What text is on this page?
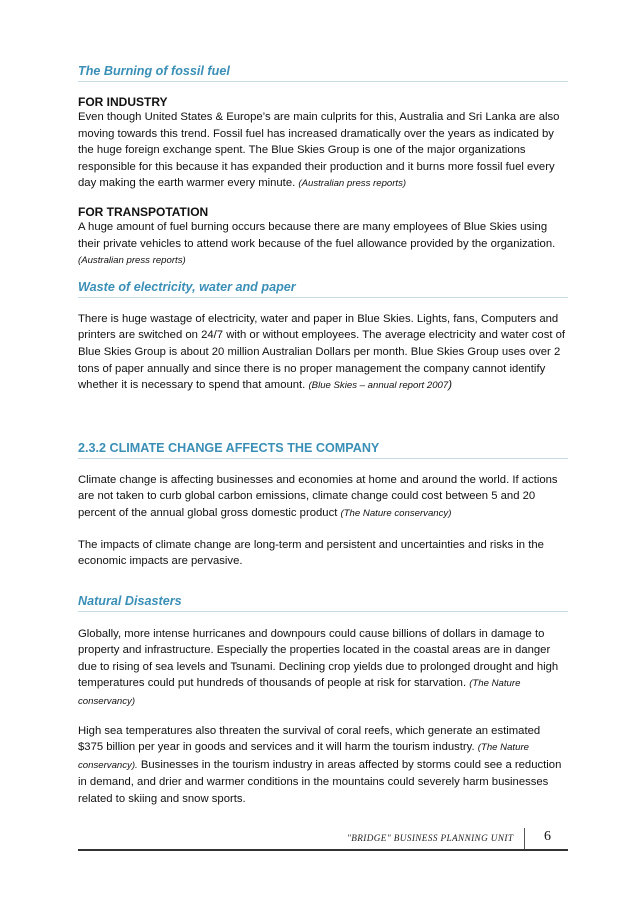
The Burning of fossil fuel
FOR INDUSTRY

Even though United States & Europe’s are main culprits for this, Australia and Sri Lanka are also moving towards this trend. Fossil fuel has increased dramatically over the years as indicated by the huge foreign exchange spent. The Blue Skies Group is one of the major organizations responsible for this because it has expanded their production and it burns more fossil fuel every day making the earth warmer every minute. (Australian press reports)

FOR TRANSPOTATION

A huge amount of fuel burning occurs because there are many employees of Blue Skies using their private vehicles to attend work because of the fuel allowance provided by the organization. (Australian press reports)

Waste of electricity, water and paper

There is huge wastage of electricity, water and paper in Blue Skies. Lights, fans, Computers and printers are switched on 24/7 with or without employees. The average electricity and water cost of Blue Skies Group is about 20 million Australian Dollars per month. Blue Skies Group uses over 2 tons of paper annually and since there is no proper management the company cannot identify whether it is necessary to spend that amount. (Blue Skies – annual report 2007)

2.3.2 CLIMATE CHANGE AFFECTS THE COMPANY

Climate change is affecting businesses and economies at home and around the world. If actions are not taken to curb global carbon emissions, climate change could cost between 5 and 20 percent of the annual global gross domestic product (The Nature conservancy)

The impacts of climate change are long-term and persistent and uncertainties and risks in the economic impacts are pervasive.

Natural Disasters

Globally, more intense hurricanes and downpours could cause billions of dollars in damage to property and infrastructure. Especially the properties located in the coastal areas are in danger due to rising of sea levels and Tsunami. Declining crop yields due to prolonged drought and high temperatures could put hundreds of thousands of people at risk for starvation. (The Nature conservancy)

High sea temperatures also threaten the survival of coral reefs, which generate an estimated $375 billion per year in goods and services and it will harm the tourism industry. (The Nature conservancy). Businesses in the tourism industry in areas affected by storms could see a reduction in demand, and drier and warmer conditions in the mountains could severely harm businesses related to skiing and snow sports.

"BRIDGE" BUSINESS PLANNING UNIT 6
